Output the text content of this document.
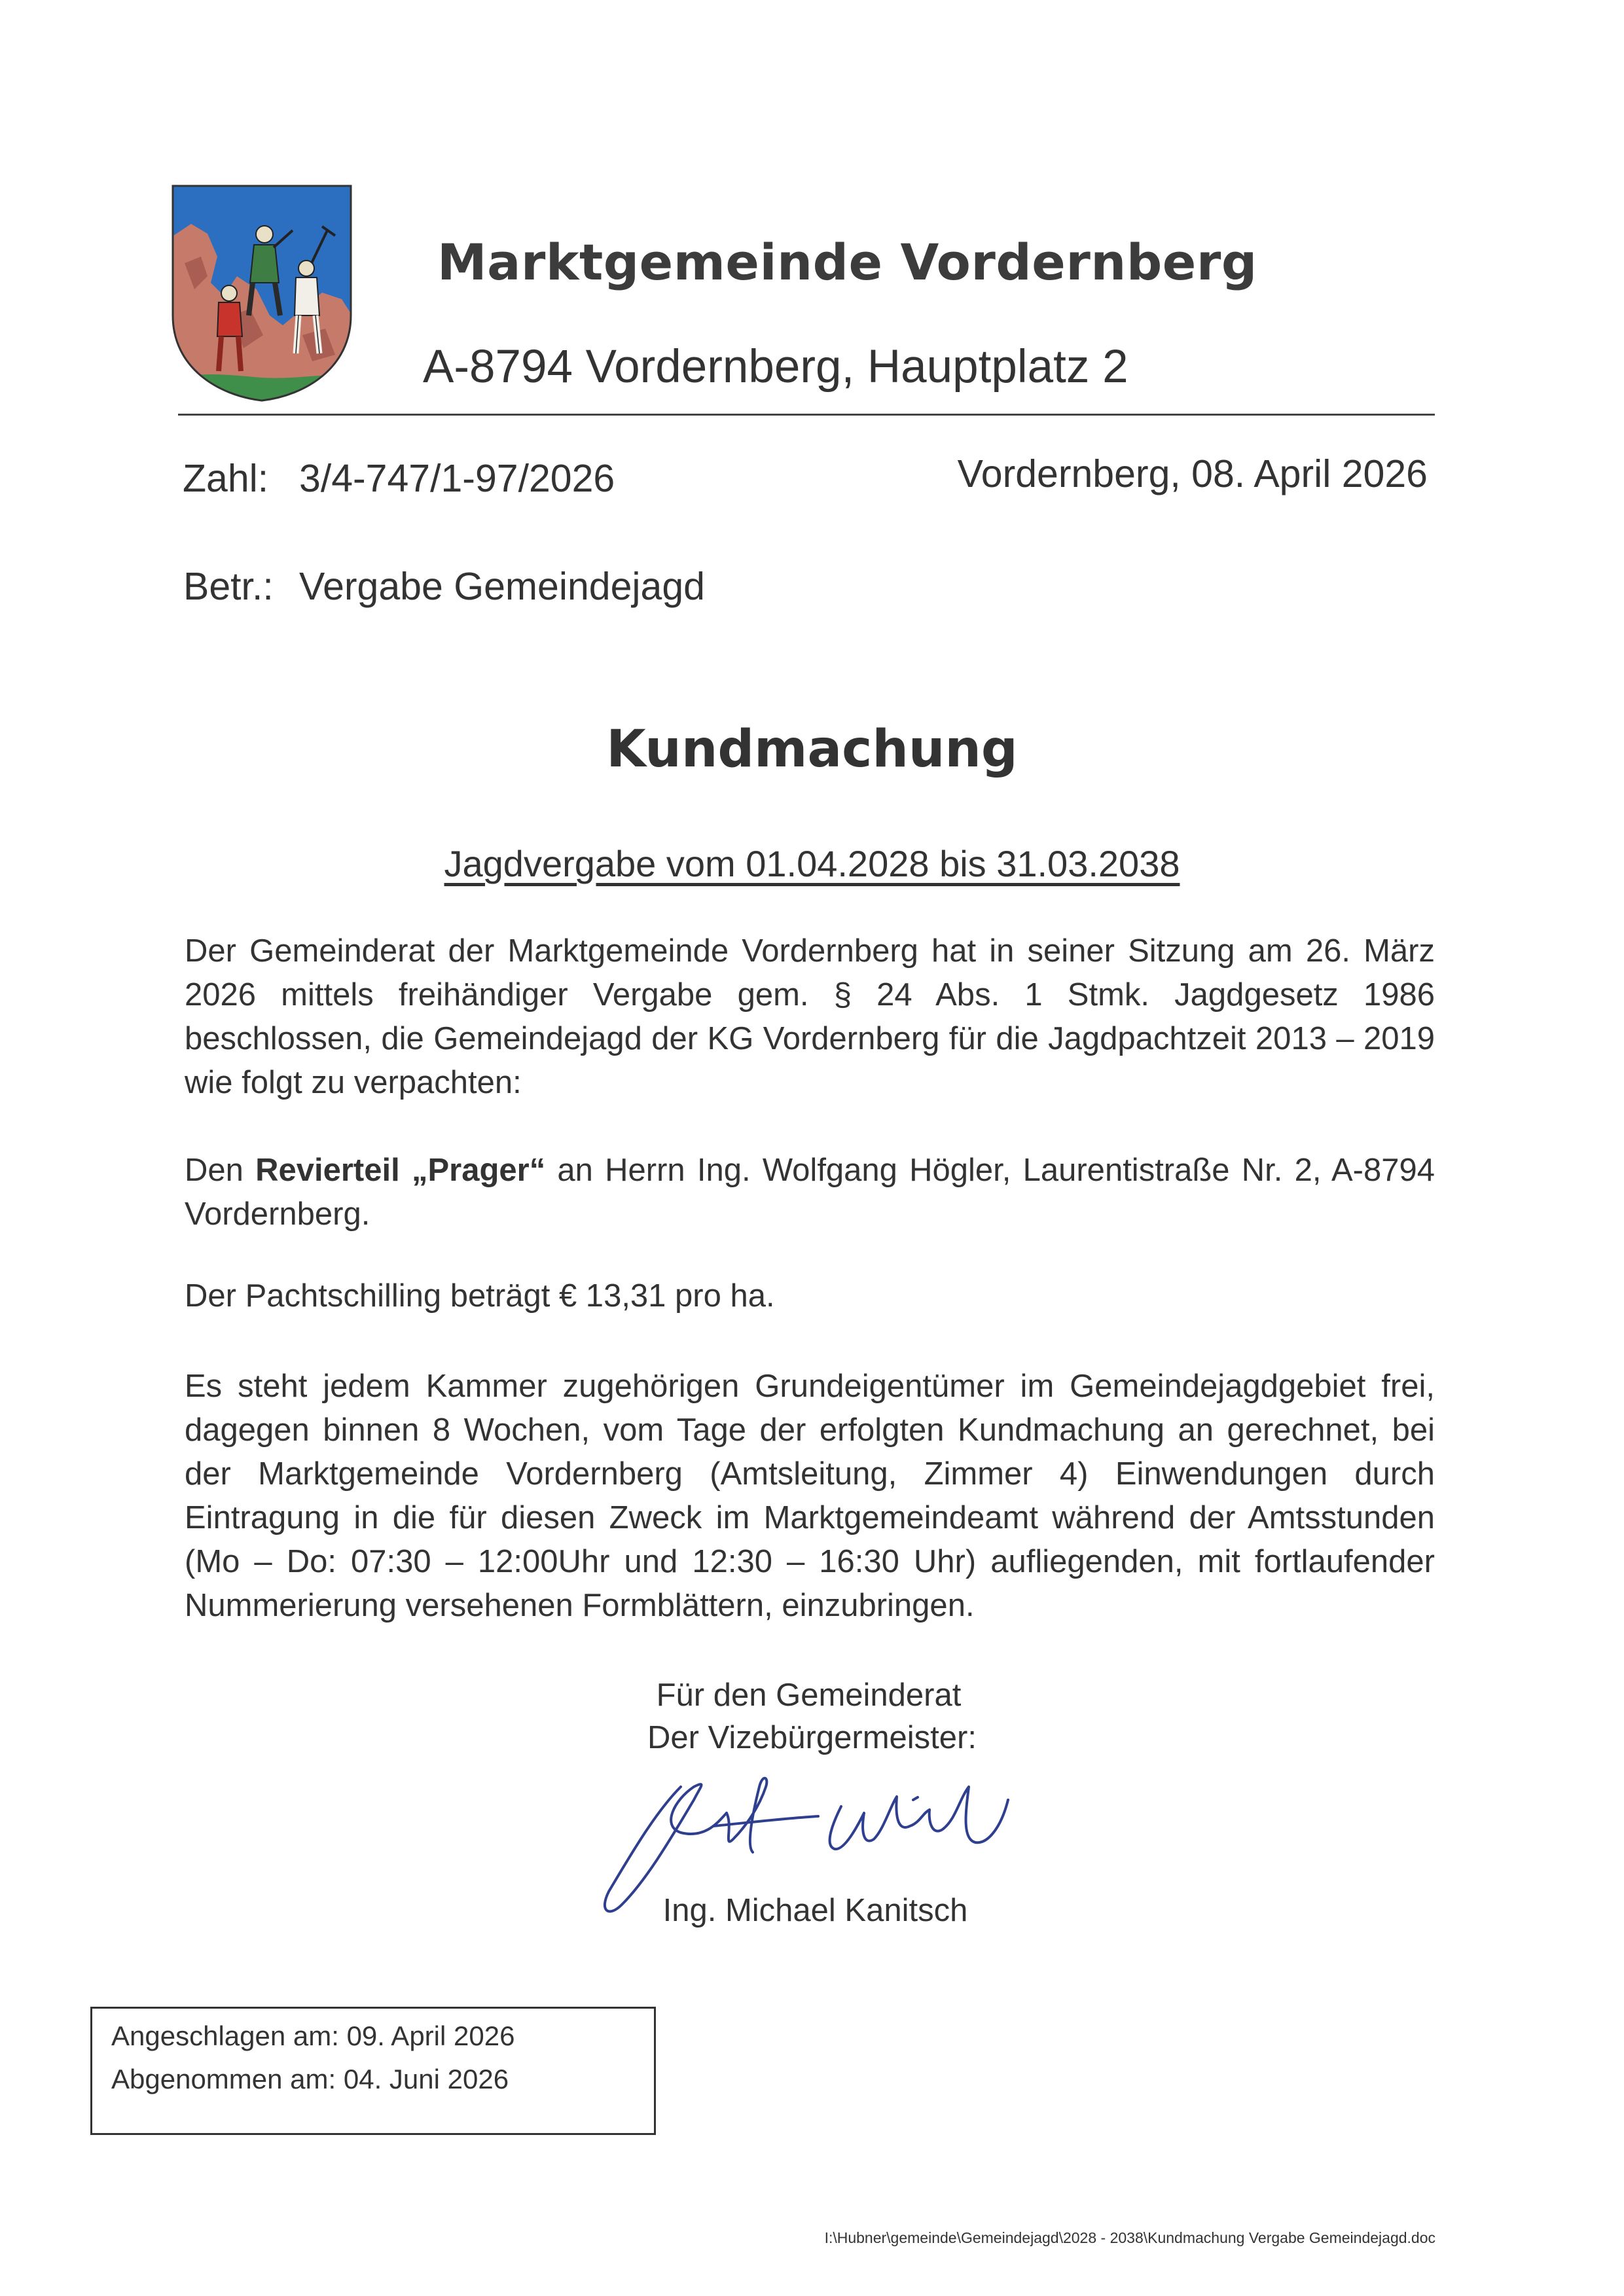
Marktgemeinde Vordernberg
A-8794 Vordernberg, Hauptplatz 2
Zahl: 3/4-747/1-97/2026	Vordernberg, 08. April 2026
Betr.: Vergabe Gemeindejagd
Kundmachung
Jagdvergabe vom 01.04.2028 bis 31.03.2038
Der Gemeinderat der Marktgemeinde Vordernberg hat in seiner Sitzung am 26. März 2026 mittels freihändiger Vergabe gem. § 24 Abs. 1 Stmk. Jagdgesetz 1986 beschlossen, die Gemeindejagd der KG Vordernberg für die Jagdpachtzeit 2013 – 2019 wie folgt zu verpachten:
Den Revierteil „Prager“ an Herrn Ing. Wolfgang Högler, Laurentistraße Nr. 2, A-8794 Vordernberg.
Der Pachtschilling beträgt € 13,31 pro ha.
Es steht jedem Kammer zugehörigen Grundeigentümer im Gemeindejagdgebiet frei, dagegen binnen 8 Wochen, vom Tage der erfolgten Kundmachung an gerechnet, bei der Marktgemeinde Vordernberg (Amtsleitung, Zimmer 4) Einwendungen durch Eintragung in die für diesen Zweck im Marktgemeindeamt während der Amtsstunden (Mo – Do: 07:30 – 12:00Uhr und 12:30 – 16:30 Uhr) aufliegenden, mit fortlaufender Nummerierung versehenen Formblättern, einzubringen.
Für den Gemeinderat
Der Vizebürgermeister:
Ing. Michael Kanitsch
Angeschlagen am: 09. April 2026
Abgenommen am: 04. Juni 2026
I:\Hubner\gemeinde\Gemeindejagd\2028 - 2038\Kundmachung Vergabe Gemeindejagd.doc
